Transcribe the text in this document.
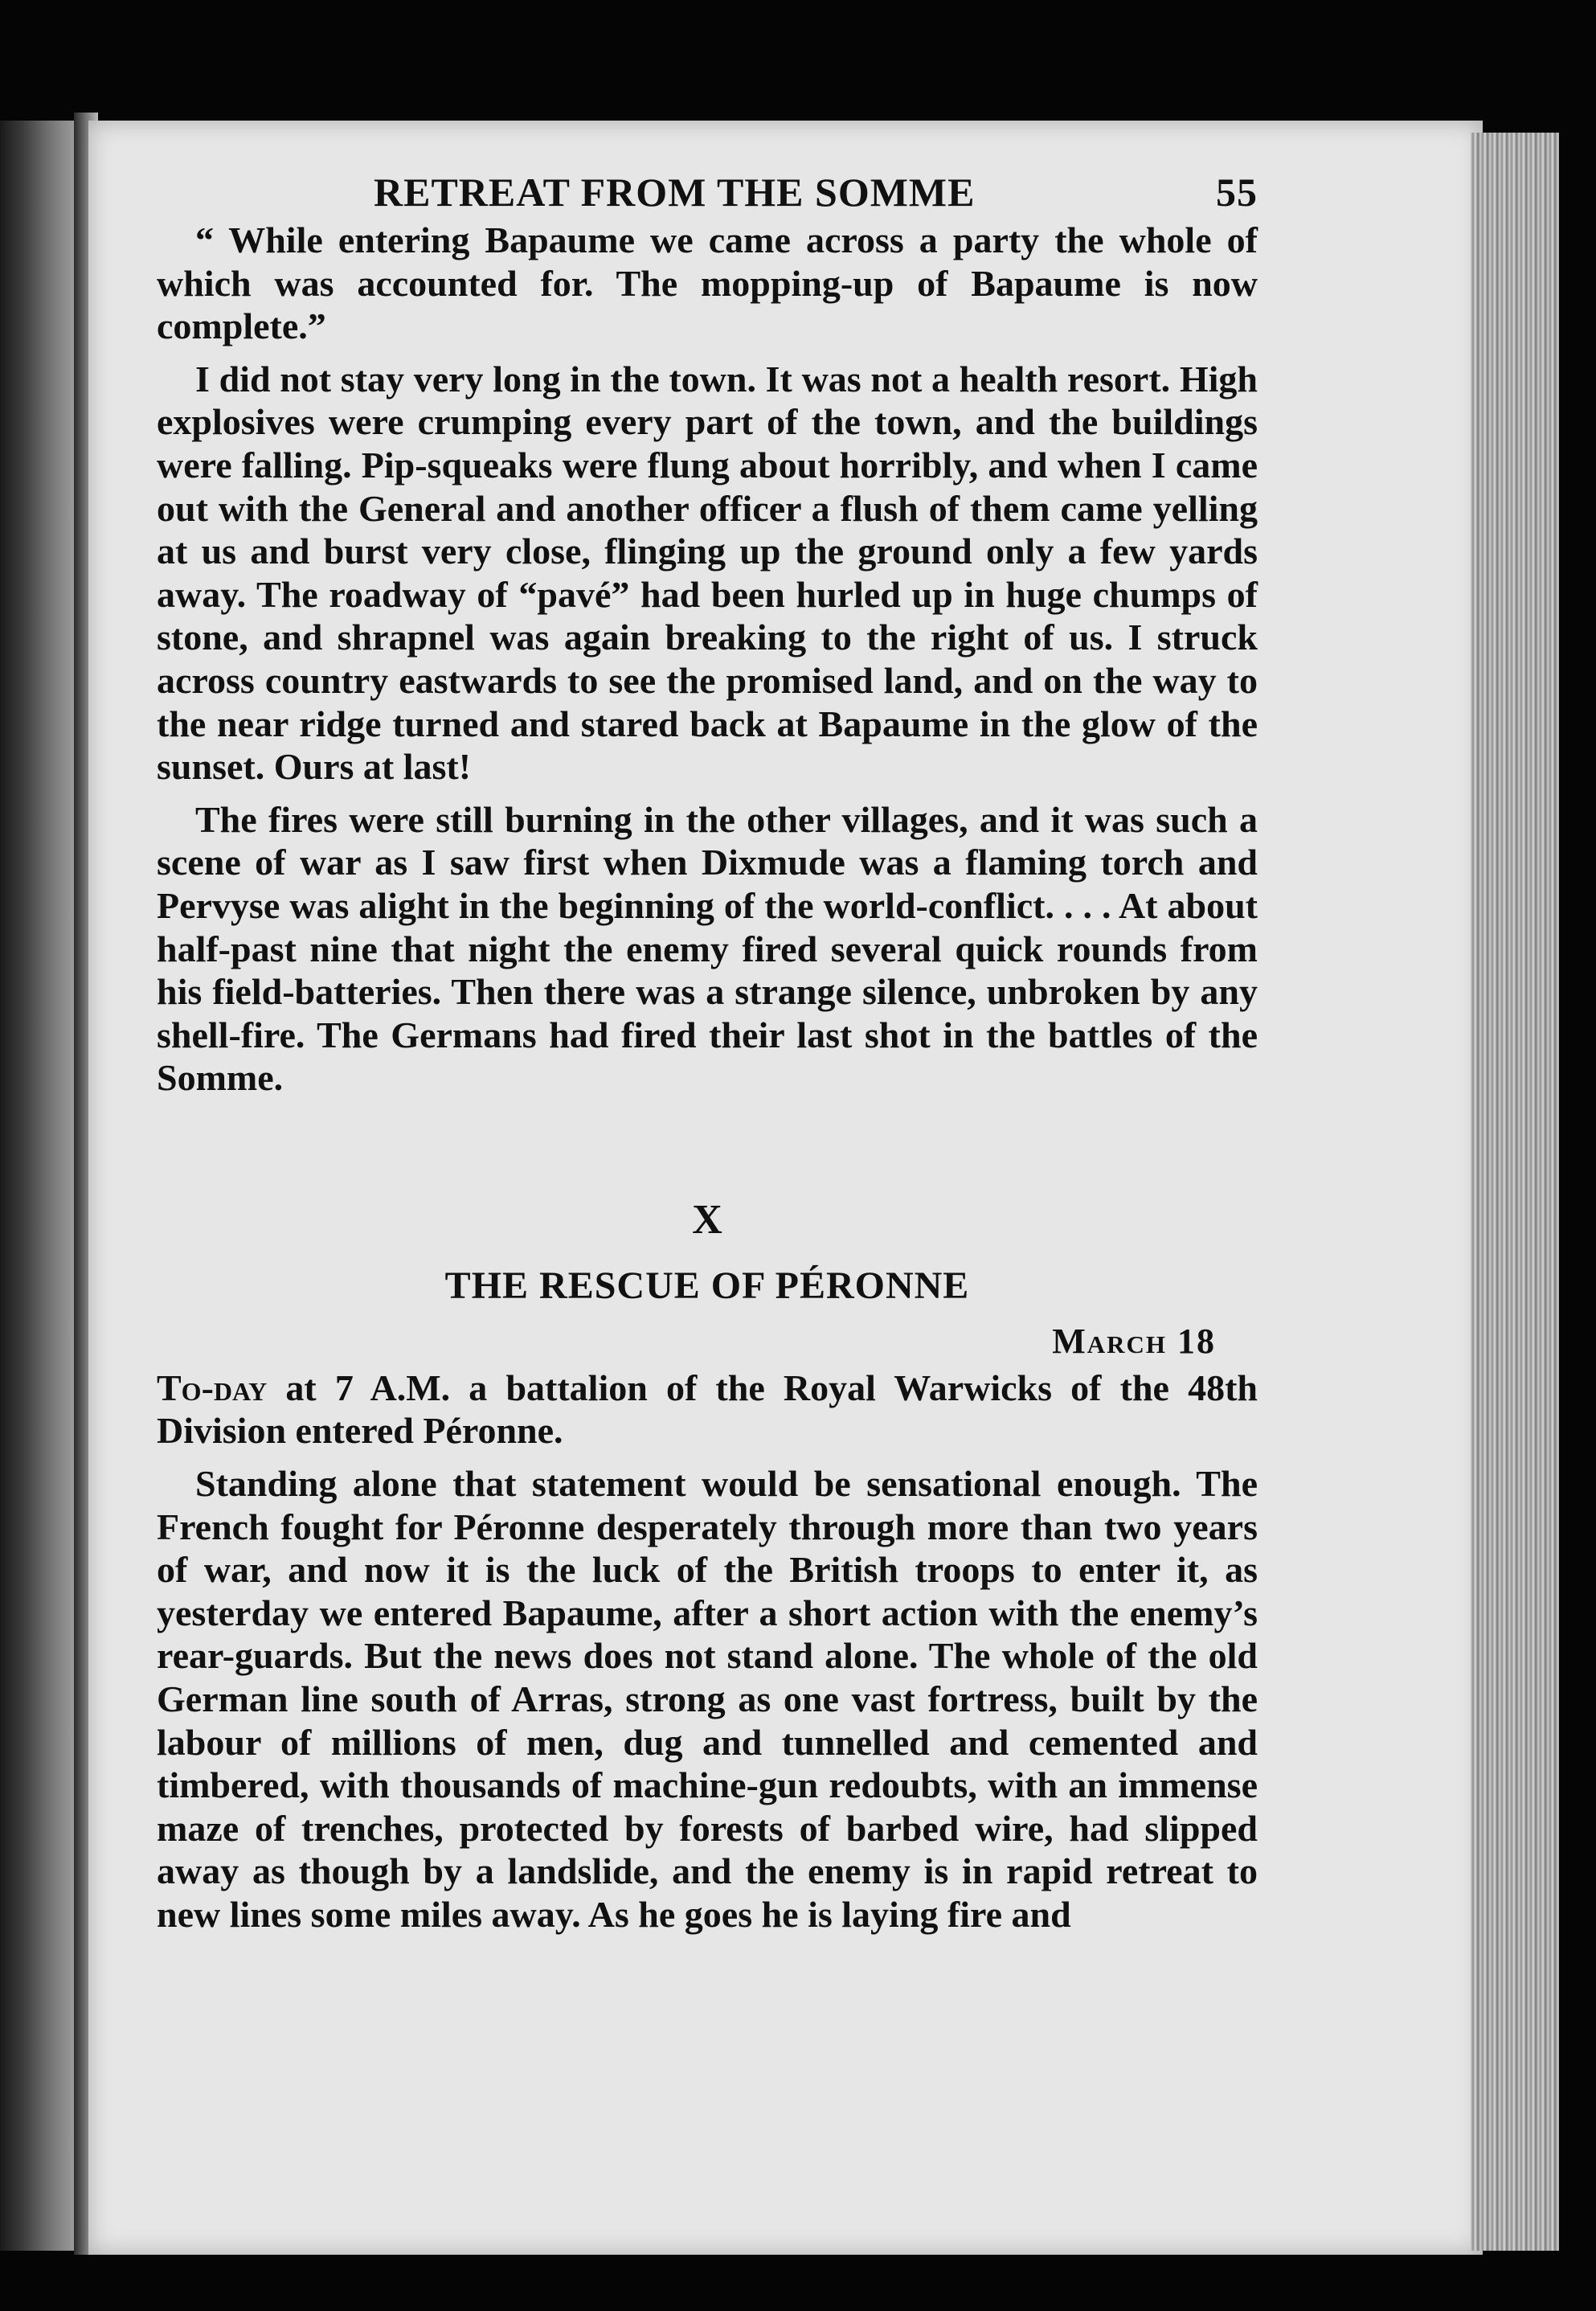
RETREAT FROM THE SOMME	55

“ While entering Bapaume we came across a party the whole of which was accounted for. The mopping-up of Bapaume is now complete.”

I did not stay very long in the town. It was not a health resort. High explosives were crumping every part of the town, and the buildings were falling. Pip-squeaks were flung about horribly, and when I came out with the General and another officer a flush of them came yelling at us and burst very close, flinging up the ground only a few yards away. The roadway of “pavé” had been hurled up in huge chumps of stone, and shrapnel was again breaking to the right of us. I struck across country eastwards to see the promised land, and on the way to the near ridge turned and stared back at Bapaume in the glow of the sunset. Ours at last!

The fires were still burning in the other villages, and it was such a scene of war as I saw first when Dixmude was a flaming torch and Pervyse was alight in the beginning of the world-conflict. . . . At about half-past nine that night the enemy fired several quick rounds from his field-batteries. Then there was a strange silence, unbroken by any shell-fire. The Germans had fired their last shot in the battles of the Somme.

X
THE RESCUE OF PÉRONNE
March 18

To-day at 7 A.M. a battalion of the Royal Warwicks of the 48th Division entered Péronne.

Standing alone that statement would be sensational enough. The French fought for Péronne desperately through more than two years of war, and now it is the luck of the British troops to enter it, as yesterday we entered Bapaume, after a short action with the enemy’s rear-guards. But the news does not stand alone. The whole of the old German line south of Arras, strong as one vast fortress, built by the labour of millions of men, dug and tunnelled and cemented and timbered, with thousands of machine-gun redoubts, with an immense maze of trenches, protected by forests of barbed wire, had slipped away as though by a landslide, and the enemy is in rapid retreat to new lines some miles away. As he goes he is laying fire and
